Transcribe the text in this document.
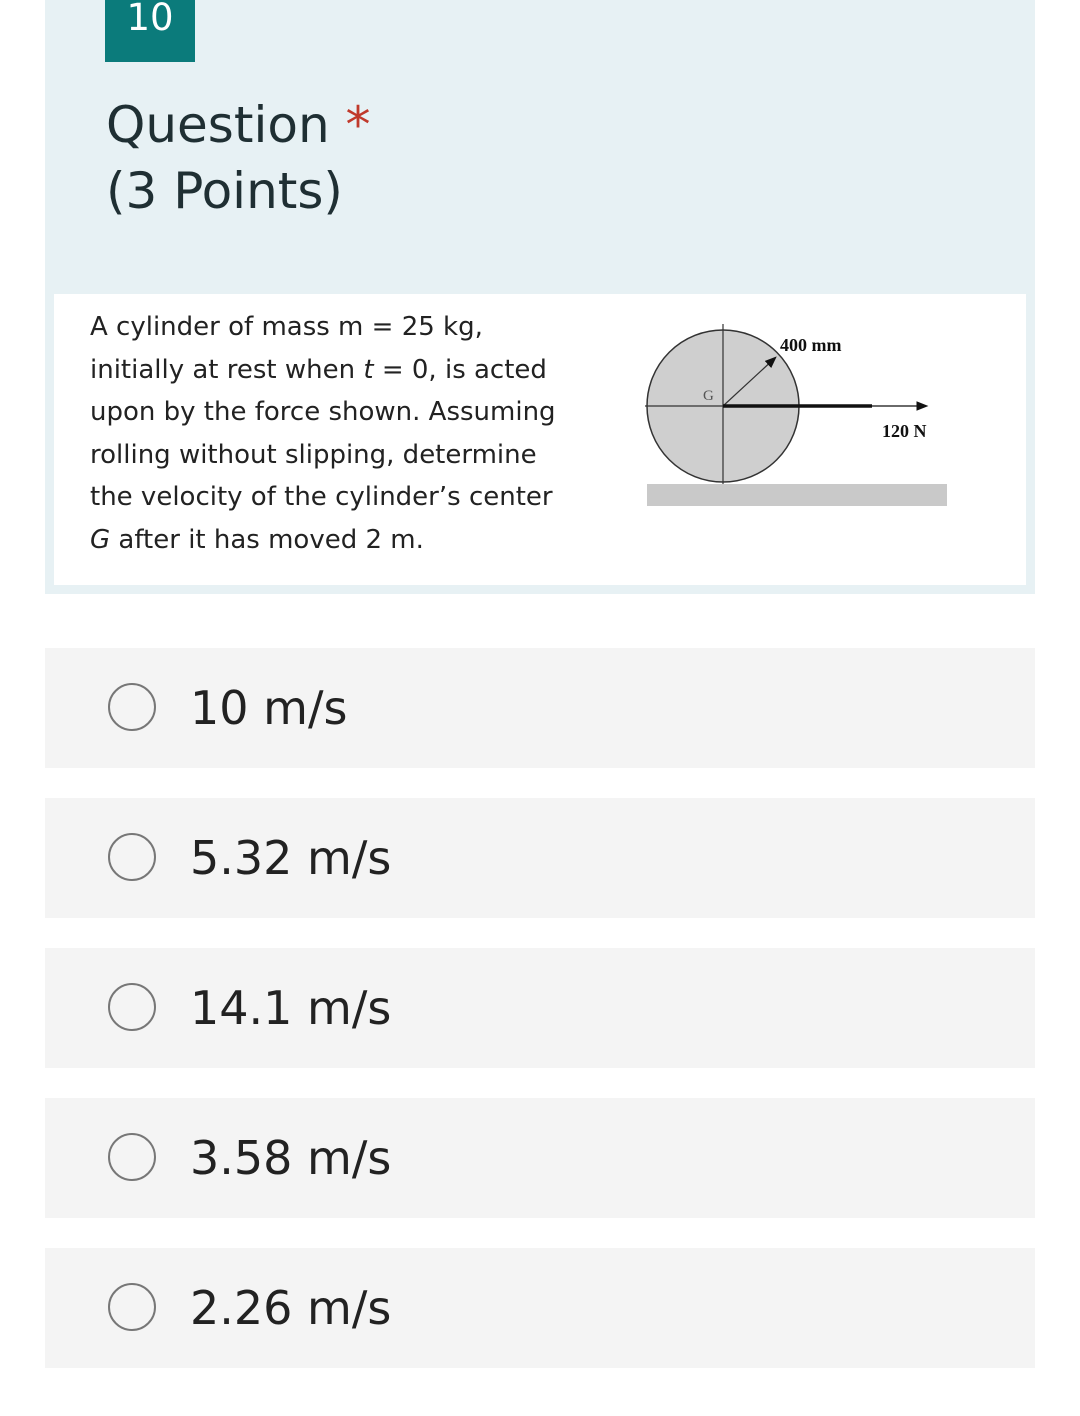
10
Question *
(3 Points)
A cylinder of mass m = 25 kg,
initially at rest when t = 0, is acted
upon by the force shown. Assuming
rolling without slipping, determine
the velocity of the cylinder’s center
G after it has moved 2 m.
G
400 mm
120 N
10 m/s
5.32 m/s
14.1 m/s
3.58 m/s
2.26 m/s
